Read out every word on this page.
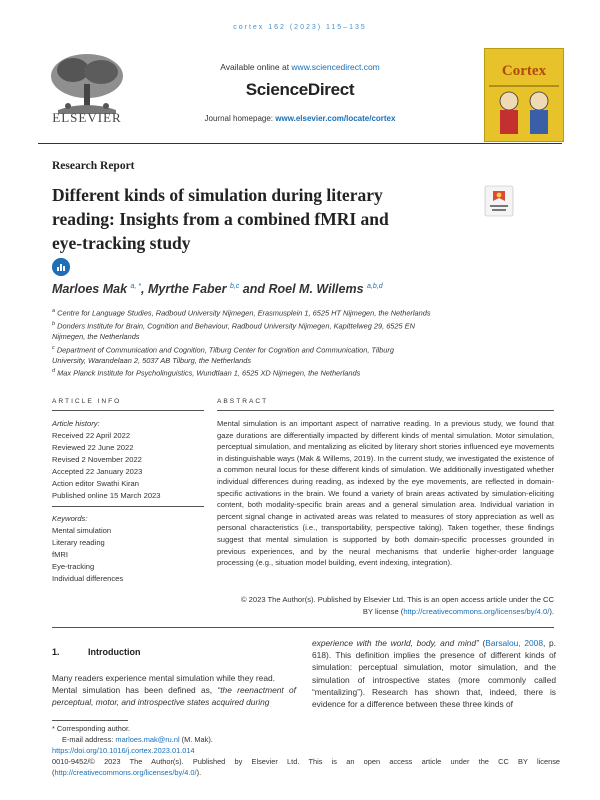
cortex 162 (2023) 115–135
ELSEVIER
Available online at www.sciencedirect.com
ScienceDirect
Journal homepage: www.elsevier.com/locate/cortex
Cortex
Research Report
Different kinds of simulation during literary
reading: Insights from a combined fMRI and
eye-tracking study
Marloes Mak $^{a, *}$, Myrthe Faber $^{b,c}$ and Roel M. Willems $^{a,b,d}$
$^a$ Centre for Language Studies, Radboud University Nijmegen, Erasmusplein 1, 6525 HT Nijmegen, the Netherlands
$^b$ Donders Institute for Brain, Cognition and Behaviour, Radboud University Nijmegen, Kapittelweg 29, 6525 EN
Nijmegen, the Netherlands
$^c$ Department of Communication and Cognition, Tilburg Center for Cognition and Communication, Tilburg
University, Warandelaan 2, 5037 AB Tilburg, the Netherlands
$^d$ Max Planck Institute for Psycholinguistics, Wundtlaan 1, 6525 XD Nijmegen, the Netherlands
ARTICLE INFO
Article history:
Received 22 April 2022
Reviewed 22 June 2022
Revised 2 November 2022
Accepted 22 January 2023
Action editor Swathi Kiran
Published online 15 March 2023
Keywords:
Mental simulation
Literary reading
fMRI
Eye-tracking
Individual differences
ABSTRACT
Mental simulation is an important aspect of narrative reading. In a previous study, we found that gaze durations are differentially impacted by different kinds of mental simulation. Motor simulation, perceptual simulation, and mentalizing as elicited by literary short stories influenced eye movements in distinguishable ways (Mak & Willems, 2019). In the current study, we investigated the existence of a common neural locus for these different kinds of simulation. We additionally investigated whether individual differences during reading, as indexed by the eye movements, are reflected in domain-specific activations in the brain. We found a variety of brain areas activated by simulation-eliciting content, both modality-specific brain areas and a general simulation area. Individual variation in percent signal change in activated areas was related to measures of story appreciation as well as personal characteristics (i.e., transportability, perspective taking). Taken together, these findings suggest that mental simulation is supported by both domain-specific processes grounded in previous experiences, and by the neural mechanisms that underlie higher-order language processing (e.g., situation model building, event indexing, integration).
© 2023 The Author(s). Published by Elsevier Ltd. This is an open access article under the CC
BY license (http://creativecommons.org/licenses/by/4.0/).
1.	Introduction
Many readers experience mental simulation while they read.
Mental simulation has been defined as, “the reenactment of perceptual, motor, and introspective states acquired during
experience with the world, body, and mind” (Barsalou, 2008, p. 618). This definition implies the presence of different kinds of simulation: perceptual simulation, motor simulation, and the simulation of introspective states (more commonly called “mentalizing”). Research has shown that, indeed, there is evidence for a difference between these three kinds of
* Corresponding author.
E-mail address: marloes.mak@ru.nl (M. Mak).
https://doi.org/10.1016/j.cortex.2023.01.014
0010-9452/© 2023 The Author(s). Published by Elsevier Ltd. This is an open access article under the CC BY license (http://creativecommons.org/licenses/by/4.0/).
